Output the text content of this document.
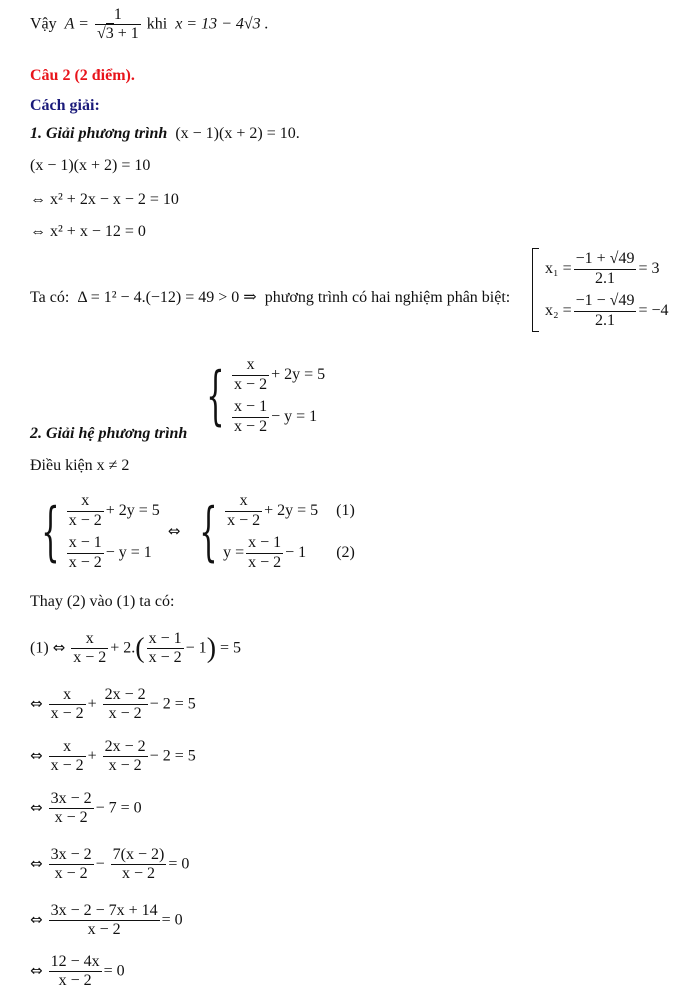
Vậy $A = \frac{1}{√3 + 1}$ khi x = 13 − 4√3 .
Câu 2 (2 điểm).
Cách giải:
1. Giải phương trình (x − 1)(x + 2) = 10.
(x − 1)(x + 2) = 10
⇔ x² + 2x − x − 2 = 10
⇔ x² + x − 12 = 0
Ta có: Δ = 1² − 4.(−12) = 49 > 0 ⇒ phương trình có hai nghiệm phân biệt:
$x_1 = \frac{-1 + √49}{2.1} = 3$
$x_2 = \frac{-1 - √49}{2.1} = -4$
2. Giải hệ phương trình
{ $\frac{x}{x - 2} + 2y = 5$
$\frac{x - 1}{x - 2} - y = 1$
Điều kiện x ≠ 2
{ $\frac{x}{x - 2} + 2y = 5$
$\frac{x - 1}{x - 2} - y = 1$
⇔ { $\frac{x}{x - 2} + 2y = 5$ (1)
$y = \frac{x - 1}{x - 2} - 1$ (2)
Thay (2) vào (1) ta có:
(1) ⇔ $\frac{x}{x - 2} + 2.( \frac{x - 1}{x - 2} - 1) = 5$
⇔ $\frac{x}{x - 2} + \frac{2x - 2}{x - 2} - 2 = 5$
⇔ $\frac{x}{x - 2} + \frac{2x - 2}{x - 2} - 2 = 5$
⇔ $\frac{3x - 2}{x - 2} - 7 = 0$
⇔ $\frac{3x - 2}{x - 2} - \frac{7(x - 2)}{x - 2} = 0$
⇔ $\frac{3x - 2 - 7x + 14}{x - 2} = 0$
⇔ $\frac{12 - 4x}{x - 2} = 0$
